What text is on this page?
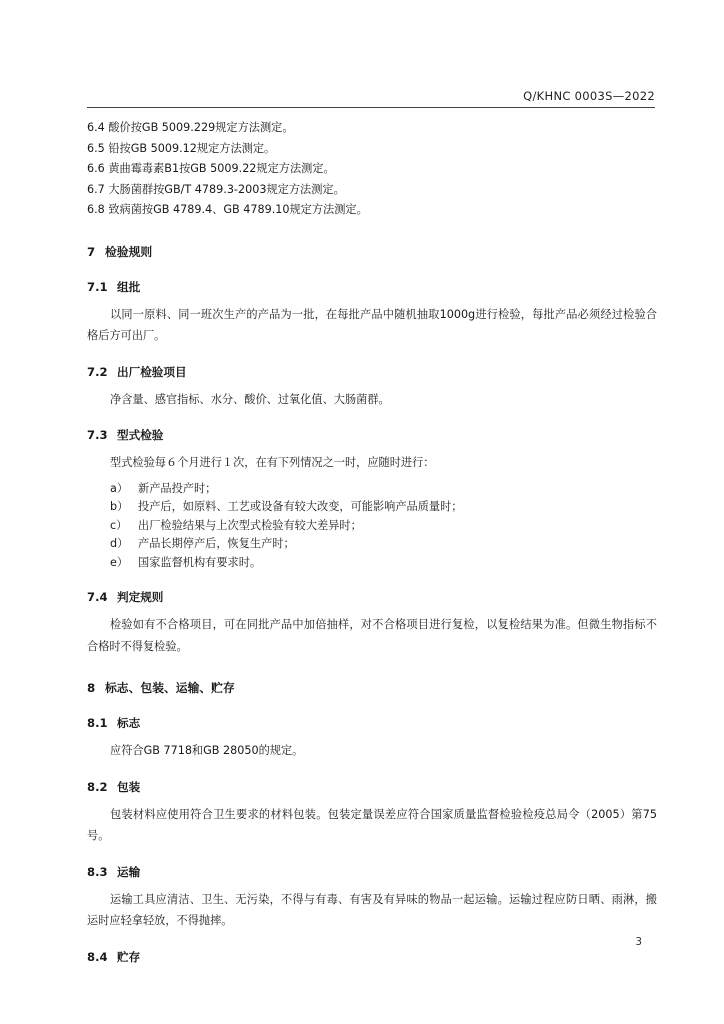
Q/KHNC 0003S—2022
6.4 酸价按GB 5009.229规定方法测定。
6.5 铅按GB 5009.12规定方法测定。
6.6 黄曲霉毒素B1按GB 5009.22规定方法测定。
6.7 大肠菌群按GB/T 4789.3-2003规定方法测定。
6.8 致病菌按GB 4789.4、GB 4789.10规定方法测定。
7 检验规则
7.1 组批
以同一原料、同一班次生产的产品为一批，在每批产品中随机抽取1000g进行检验，每批产品必须经过检验合格后方可出厂。
7.2 出厂检验项目
净含量、感官指标、水分、酸价、过氧化值、大肠菌群。
7.3 型式检验
型式检验每６个月进行１次，在有下列情况之一时，应随时进行：
a） 新产品投产时；
b） 投产后，如原料、工艺或设备有较大改变，可能影响产品质量时；
c） 出厂检验结果与上次型式检验有较大差异时；
d） 产品长期停产后，恢复生产时；
e） 国家监督机构有要求时。
7.4 判定规则
检验如有不合格项目，可在同批产品中加倍抽样，对不合格项目进行复检，以复检结果为准。但微生物指标不合格时不得复检验。
8 标志、包装、运输、贮存
8.1 标志
应符合GB 7718和GB 28050的规定。
8.2 包装
包装材料应使用符合卫生要求的材料包装。包装定量误差应符合国家质量监督检验检疫总局令（2005）第75号。
8.3 运输
运输工具应清洁、卫生、无污染，不得与有毒、有害及有异味的物品一起运输。运输过程应防日晒、雨淋，搬运时应轻拿轻放，不得抛摔。
8.4 贮存
3
